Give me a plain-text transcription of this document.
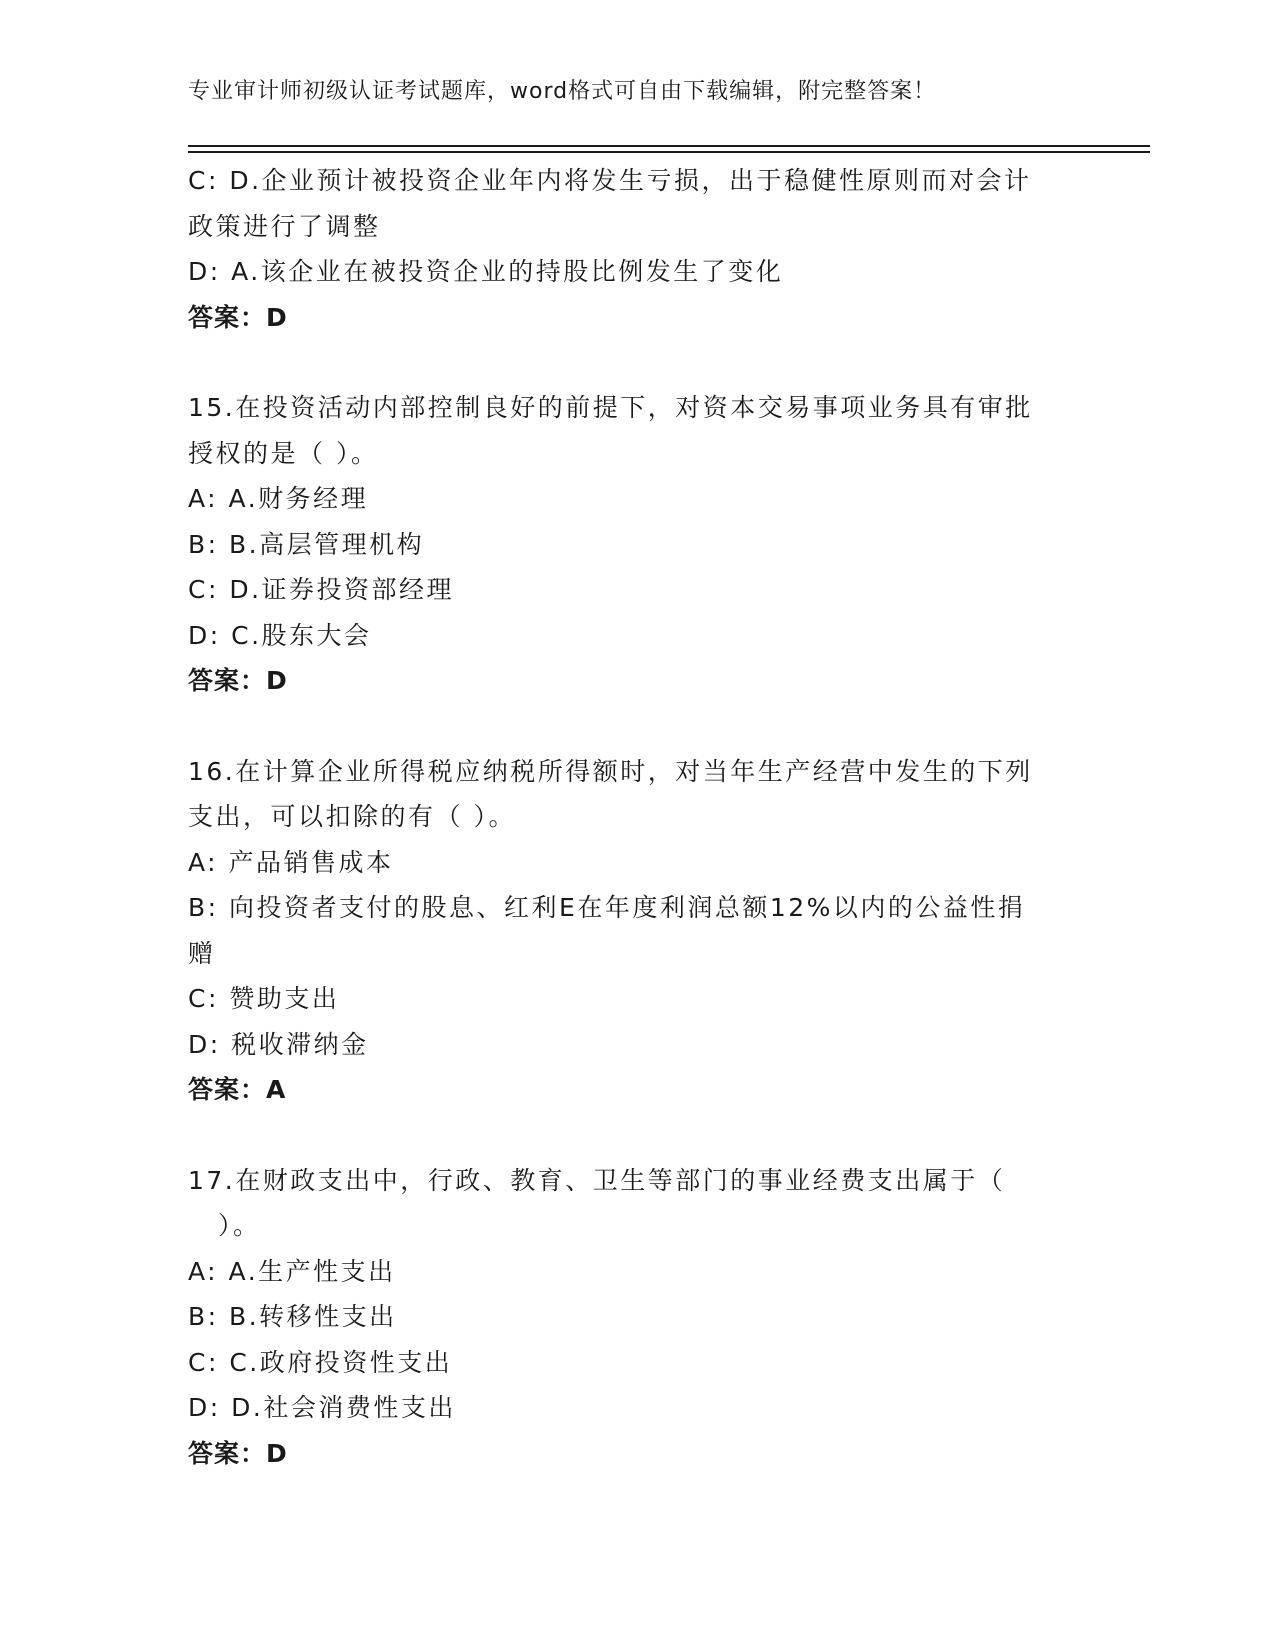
专业审计师初级认证考试题库，word格式可自由下载编辑，附完整答案！
C: D.企业预计被投资企业年内将发生亏损，出于稳健性原则而对会计
政策进行了调整
D: A.该企业在被投资企业的持股比例发生了变化
答案：D
15.在投资活动内部控制良好的前提下，对资本交易事项业务具有审批
授权的是（ ）。
A: A.财务经理
B: B.高层管理机构
C: D.证券投资部经理
D: C.股东大会
答案：D
16.在计算企业所得税应纳税所得额时，对当年生产经营中发生的下列
支出，可以扣除的有（ ）。
A: 产品销售成本
B: 向投资者支付的股息、红利E在年度利润总额12%以内的公益性捐
赠
C: 赞助支出
D: 税收滞纳金
答案：A
17.在财政支出中，行政、教育、卫生等部门的事业经费支出属于（
）。
A: A.生产性支出
B: B.转移性支出
C: C.政府投资性支出
D: D.社会消费性支出
答案：D
